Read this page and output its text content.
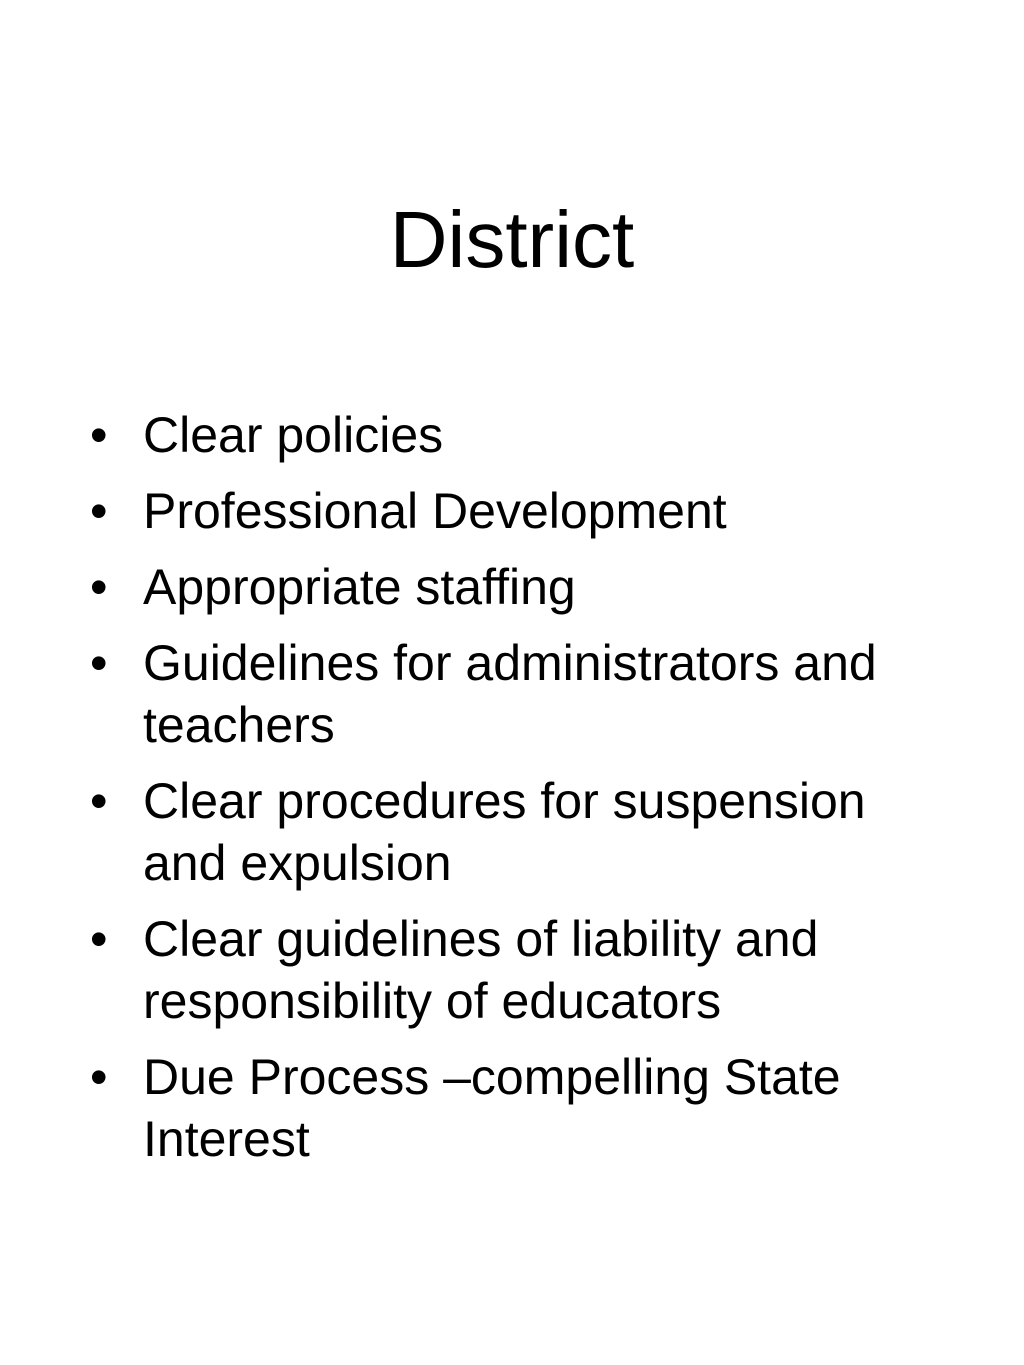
District
• Clear policies
• Professional Development
• Appropriate staffing
• Guidelines for administrators and teachers
• Clear procedures for suspension and expulsion
• Clear guidelines of liability and responsibility of educators
• Due Process –compelling State Interest
